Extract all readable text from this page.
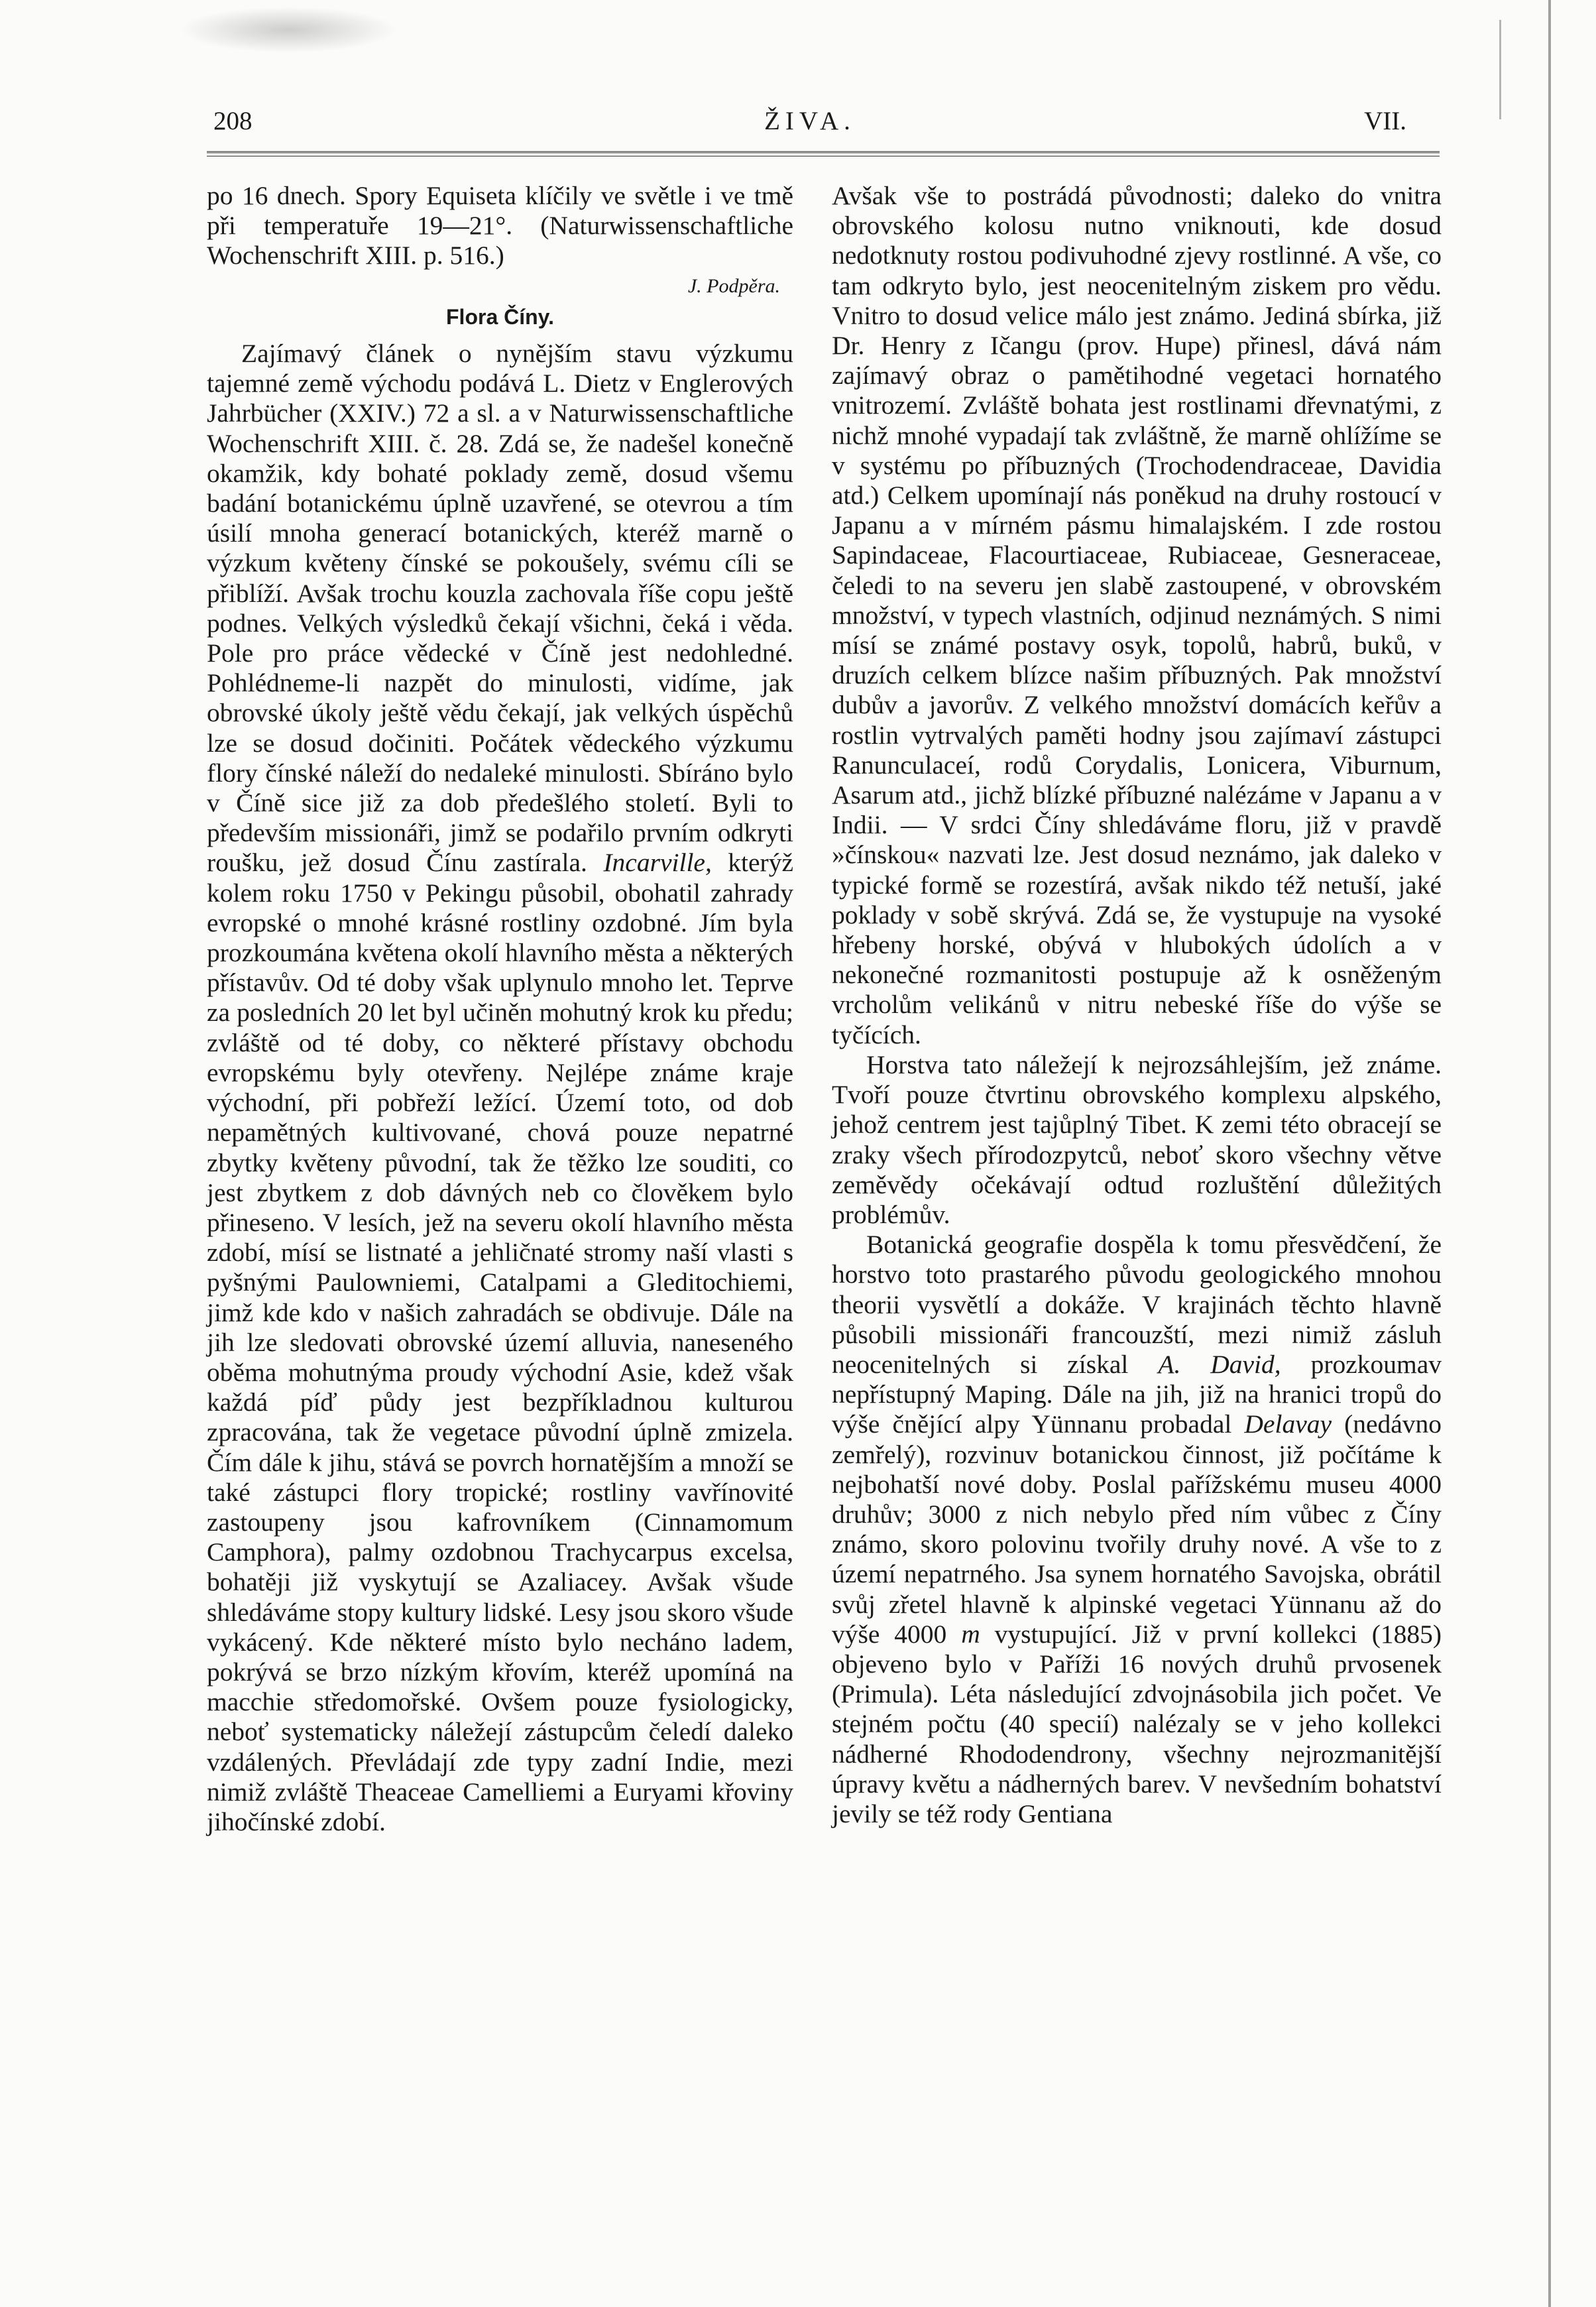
ŽIVA.
208	VII.

po 16 dnech. Spory Equiseta klíčily ve světle i ve tmě při temperatuře 19—21°. (Naturwissenschaftliche Wochenschrift XIII. p. 516.)

J. Podpěra.

Flora Číny.

Zajímavý článek o nynějším stavu výzkumu tajemné země východu podává L. Dietz v Englerových Jahrbücher (XXIV.) 72 a sl. a v Naturwissenschaftliche Wochenschrift XIII. č. 28. Zdá se, že nadešel konečně okamžik, kdy bohaté poklady země, dosud všemu badání botanickému úplně uzavřené, se otevrou a tím úsilí mnoha generací botanických, kteréž marně o výzkum květeny čínské se pokoušely, svému cíli se přiblíží. Avšak trochu kouzla zachovala říše copu ještě podnes. Velkých výsledků čekají všichni, čeká i věda. Pole pro práce vědecké v Číně jest nedohledné. Pohlédneme-li nazpět do minulosti, vidíme, jak obrovské úkoly ještě vědu čekají, jak velkých úspěchů lze se dosud dočiniti. Počátek vědeckého výzkumu flory čínské náleží do nedaleké minulosti. Sbíráno bylo v Číně sice již za dob předešlého století. Byli to především missionáři, jimž se podařilo prvním odkryti roušku, jež dosud Čínu zastírala. Incarville, kterýž kolem roku 1750 v Pekingu působil, obohatil zahrady evropské o mnohé krásné rostliny ozdobné. Jím byla prozkoumána květena okolí hlavního města a některých přístavův. Od té doby však uplynulo mnoho let. Teprve za posledních 20 let byl učiněn mohutný krok ku předu; zvláště od té doby, co některé přístavy obchodu evropskému byly otevřeny. Nejlépe známe kraje východní, při pobřeží ležící. Území toto, od dob nepamětných kultivované, chová pouze nepatrné zbytky květeny původní, tak že těžko lze souditi, co jest zbytkem z dob dávných neb co člověkem bylo přineseno. V lesích, jež na severu okolí hlavního města zdobí, mísí se listnaté a jehličnaté stromy naší vlasti s pyšnými Paulowniemi, Catalpami a Gleditochiemi, jimž kde kdo v našich zahradách se obdivuje. Dále na jih lze sledovati obrovské území alluvia, naneseného oběma mohutnýma proudy východní Asie, kdež však každá píď půdy jest bezpříkladnou kulturou zpracována, tak že vegetace původní úplně zmizela. Čím dále k jihu, stává se povrch hornatějším a množí se také zástupci flory tropické; rostliny vavřínovité zastoupeny jsou kafrovníkem (Cinnamomum Camphora), palmy ozdobnou Trachycarpus excelsa, bohatěji již vyskytují se Azaliacey. Avšak všude shledáváme stopy kultury lidské. Lesy jsou skoro všude vykácený. Kde některé místo bylo necháno ladem, pokrývá se brzo nízkým křovím, kteréž upomíná na macchie středomořské. Ovšem pouze fysiologicky, neboť systematicky náležejí zástupcům čeledí daleko vzdálených. Převládají zde typy zadní Indie, mezi nimiž zvláště Theaceae Camelliemi a Euryami křoviny jihočínské zdobí.

Avšak vše to postrádá původnosti; daleko do vnitra obrovského kolosu nutno vniknouti, kde dosud nedotknuty rostou podivuhodné zjevy rostlinné. A vše, co tam odkryto bylo, jest neocenitelným ziskem pro vědu. Vnitro to dosud velice málo jest známo. Jediná sbírka, již Dr. Henry z Ičangu (prov. Hupe) přinesl, dává nám zajímavý obraz o pamětihodné vegetaci hornatého vnitrozemí. Zvláště bohata jest rostlinami dřevnatými, z nichž mnohé vypadají tak zvláštně, že marně ohlížíme se v systému po příbuzných (Trochodendraceae, Davidia atd.) Celkem upomínají nás poněkud na druhy rostoucí v Japanu a v mírném pásmu himalajském. I zde rostou Sapindaceae, Flacourtiaceae, Rubiaceae, Gesneraceae, čeledi to na severu jen slabě zastoupené, v obrovském množství, v typech vlastních, odjinud neznámých. S nimi mísí se známé postavy osyk, topolů, habrů, buků, v druzích celkem blízce našim příbuzných. Pak množství dubův a javorův. Z velkého množství domácích keřův a rostlin vytrvalých paměti hodny jsou zajímaví zástupci Ranunculaceí, rodů Corydalis, Lonicera, Viburnum, Asarum atd., jichž blízké příbuzné nalézáme v Japanu a v Indii. — V srdci Číny shledáváme floru, již v pravdě »čínskou« nazvati lze. Jest dosud neznámo, jak daleko v typické formě se rozestírá, avšak nikdo též netuší, jaké poklady v sobě skrývá. Zdá se, že vystupuje na vysoké hřebeny horské, obývá v hlubokých údolích a v nekonečné rozmanitosti postupuje až k osněženým vrcholům velikánů v nitru nebeské říše do výše se tyčících.

Horstva tato náležejí k nejrozsáhlejším, jež známe. Tvoří pouze čtvrtinu obrovského komplexu alpského, jehož centrem jest tajůplný Tibet. K zemi této obracejí se zraky všech přírodozpytců, neboť skoro všechny větve zeměvědy očekávají odtud rozluštění důležitých problémův.

Botanická geografie dospěla k tomu přesvědčení, že horstvo toto prastarého původu geologického mnohou theorii vysvětlí a dokáže. V krajinách těchto hlavně působili missionáři francouzští, mezi nimiž zásluh neocenitelných si získal A. David, prozkoumav nepřístupný Maping. Dále na jih, již na hranici tropů do výše čnějící alpy Yünnanu probadal Delavay (nedávno zemřelý), rozvinuv botanickou činnost, již počítáme k nejbohatší nové doby. Poslal pařížskému museu 4000 druhův; 3000 z nich nebylo před ním vůbec z Číny známo, skoro polovinu tvořily druhy nové. A vše to z území nepatrného. Jsa synem hornatého Savojska, obrátil svůj zřetel hlavně k alpinské vegetaci Yünnanu až do výše 4000 m vystupující. Již v první kollekci (1885) objeveno bylo v Paříži 16 nových druhů prvosenek (Primula). Léta následující zdvojnásobila jich počet. Ve stejném počtu (40 specií) nalézaly se v jeho kollekci nádherné Rhododendrony, všechny nejrozmanitější úpravy květu a nádherných barev. V nevšedním bohatství jevily se též rody Gentiana
